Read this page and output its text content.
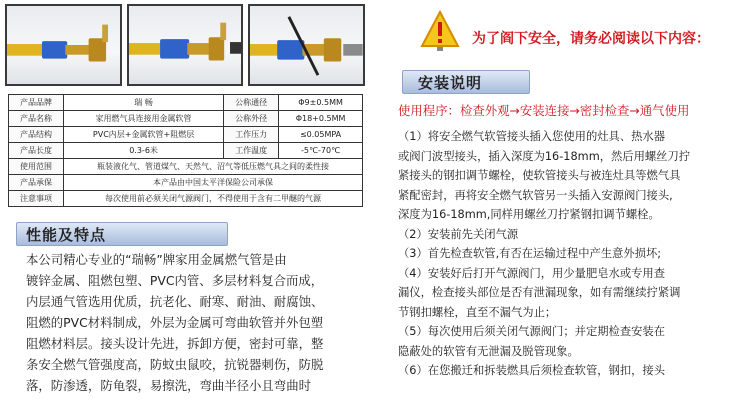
产品品牌	瑞 畅	公称通径	Φ9±0.5MM
产品名称	家用燃气具连接用金属软管	公称外径	Φ18+0.5MM
产品结构	PVC内层+金属软管+阻燃层	工作压力	≤0.05MPA
产品长度	0.3-6米	工作温度	-5℃-70℃
使用范围	瓶装液化气、管道煤气、天然气、沼气等低压燃气具之间的柔性接		
产品承保	本产品由中国太平洋保险公司承保		
注意事项	每次使用前必须关闭气源阀门，不得使用于含有二甲醚的气源		
性能及特点

本公司精心专业的“瑞畅”牌家用金属燃气管是由

镀锌金属、阻燃包塑、PVC内管、多层材料复合而成，

内层通气管选用优质，抗老化、耐寒、耐油、耐腐蚀、

阻燃的PVC材料制成，外层为金属可弯曲软管并外包塑

阻燃材料层。接头设计先进，拆卸方便，密封可靠，整

条安全燃气管强度高，防蚊虫鼠咬，抗锐器刺伤，防脱

落，防渗透，防龟裂，易擦洗，弯曲半径小且弯曲时

为了阎下安全，请务必阅读以下内容：
安装说明
使用程序：检查外观→安装连接→密封检查→通气使用

（1）将安全燃气软管接头插入您使用的灶具、热水器

或阀门波型接头，插入深度为16-18mm，然后用螺丝刀拧

紧接头的钢扣调节螺栓，使软管接头与被连灶具等燃气具

紧配密封，再将安全燃气软管另一头插入安源阀门接头,

深度为16-18mm,同样用螺丝刀拧紧钢扣调节螺栓。

（2）安装前先关闭气源

（3）首先检查软管,有否在运输过程中产生意外损坏;

（4）安装好后打开气源阀门，用少量肥皂水或专用查

漏仪，检查接头部位是否有泄漏现象，如有需继续拧紧调

节钢扣螺栓，直至不漏气为止；

（5）每次使用后须关闭气源阀门；并定期检查安装在

隐蔽处的软管有无泄漏及脱管现象。

（6）在您搬迁和拆装燃具后须检查软管，钢扣，接头
